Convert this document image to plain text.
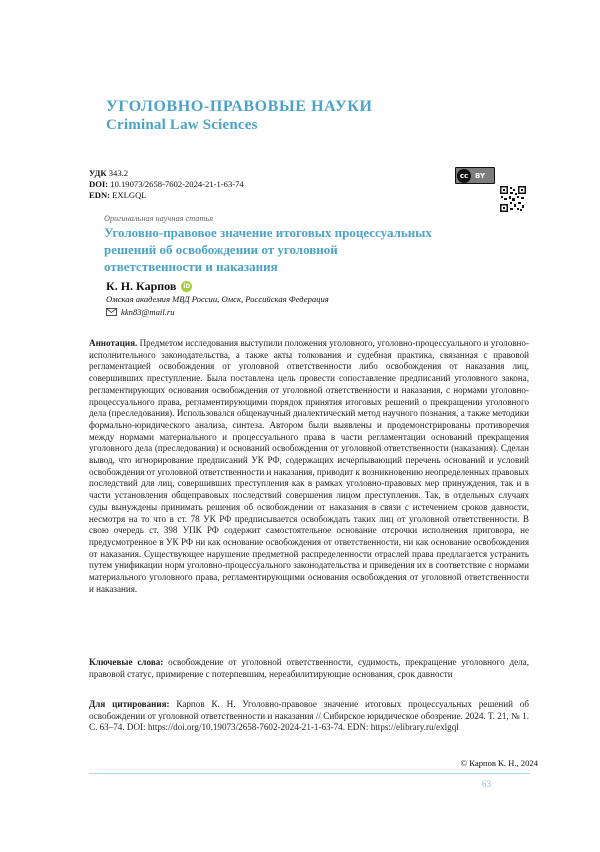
УГОЛОВНО-ПРАВОВЫЕ НАУКИ
Criminal Law Sciences
УДК 343.2
DOI: 10.19073/2658-7602-2024-21-1-63-74
EDN: EXLGQL
cc BY
Оригинальная научная статья
Уголовно-правовое значение итоговых процессуальных решений об освобождении от уголовной ответственности и наказания
К. Н. Карпов	iD
Омская академия МВД России, Омск, Российская Федерация
kkn83@mail.ru
Аннотация. Предметом исследования выступили положения уголовного, уголовно-процессуального и уголовно-исполнительного законодательства, а также акты толкования и судебная практика, связанная с правовой регламентацией освобождения от уголовной ответственности либо освобождения от наказания лиц, совершивших преступление. Была поставлена цель провести сопоставление предписаний уголовного закона, регламентирующих основания освобождения от уголовной ответственности и наказания, с нормами уголовно-процессуального права, регламентирующими порядок принятия итоговых решений о прекращении уголовного дела (преследования). Использовался общенаучный диалектический метод научного познания, а также методики формально-юридического анализа, синтеза. Автором были выявлены и продемонстрированы противоречия между нормами материального и процессуального права в части регламентации оснований прекращения уголовного дела (преследования) и оснований освобождения от уголовной ответственности (наказания). Сделан вывод, что игнорирование предписаний УК РФ, содержащих исчерпывающий перечень оснований и условий освобождения от уголовной ответственности и наказания, приводит к возникновению неопределенных правовых последствий для лиц, совершивших преступления как в рамках уголовно-правовых мер принуждения, так и в части установления общеправовых последствий совершения лицом преступления. Так, в отдельных случаях суды вынуждены принимать решения об освобождении от наказания в связи с истечением сроков давности, несмотря на то что в ст. 78 УК РФ предписывается освобождать таких лиц от уголовной ответственности. В свою очередь ст. 398 УПК РФ содержит самостоятельное основание отсрочки исполнения приговора, не предусмотренное в УК РФ ни как основание освобождения от ответственности, ни как основание освобождения от наказания. Существующее нарушение предметной распределенности отраслей права предлагается устранить путем унификации норм уголовно-процессуального законодательства и приведения их в соответствие с нормами материального уголовного права, регламентирующими основания освобождения от уголовной ответственности и наказания.
Ключевые слова: освобождение от уголовной ответственности, судимость, прекращение уголовного дела, правовой статус, примирение с потерпевшим, нереабилитирующие основания, срок давности
Для цитирования: Карпов К. Н. Уголовно-правовое значение итоговых процессуальных решений об освобождении от уголовной ответственности и наказания // Сибирское юридическое обозрение. 2024. Т. 21, № 1. С. 63–74. DOI: https://doi.org/10.19073/2658-7602-2024-21-1-63-74. EDN: https://elibrary.ru/exlgql
© Карпов К. Н., 2024
63
